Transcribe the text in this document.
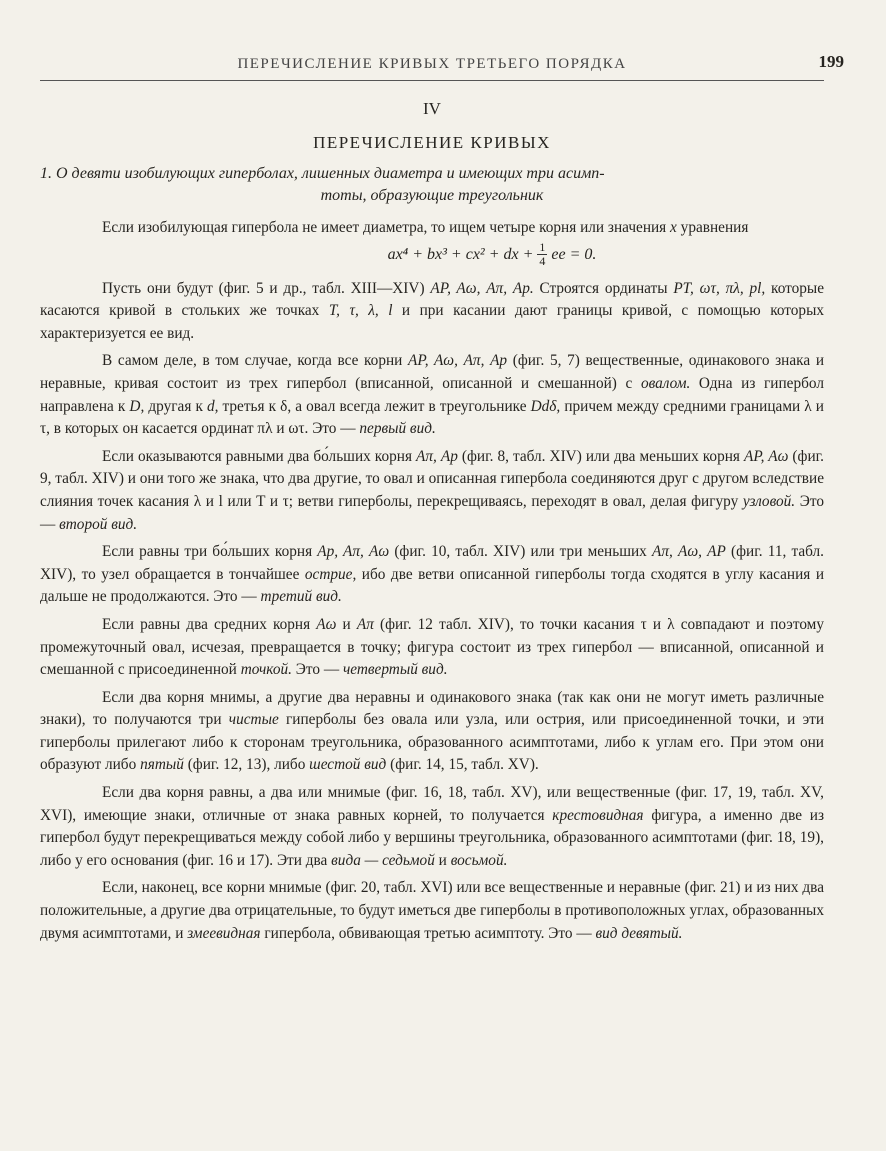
ПЕРЕЧИСЛЕНИЕ КРИВЫХ ТРЕТЬЕГО ПОРЯДКА	199
IV
ПЕРЕЧИСЛЕНИЕ КРИВЫХ
1. О девяти изобилующих гиперболах, лишенных диаметра и имеющих три асимп-
тоты, образующие треугольник

Если изобилующая гипербола не имеет диаметра, то ищем четыре корня или значения x уравнения

ax⁴ + bx³ + cx² + dx + $\frac{1}{4}$ ee = 0.

Пусть они будут (фиг. 5 и др., табл. XIII—XIV) AP, Aω, Aπ, Ap. Строятся ординаты PT, ωτ, πλ, pl, которые касаются кривой в стольких же точках T, τ, λ, l и при касании дают границы кривой, с помощью которых характеризуется ее вид.

В самом деле, в том случае, когда все корни AP, Aω, Aπ, Ap (фиг. 5, 7) вещественные, одинакового знака и неравные, кривая состоит из трех гипербол (вписанной, описанной и смешанной) с овалом. Одна из гипербол направлена к D, другая к d, третья к δ, а овал всегда лежит в треугольнике Ddδ, причем между средними границами λ и τ, в которых он касается ординат πλ и ωτ. Это — первый вид.

Если оказываются равными два бо́льших корня Aπ, Ap (фиг. 8, табл. XIV) или два меньших корня AP, Aω (фиг. 9, табл. XIV) и они того же знака, что два другие, то овал и описанная гипербола соединяются друг с другом вследствие слияния точек касания λ и l или T и τ; ветви гиперболы, перекрещиваясь, переходят в овал, делая фигуру узловой. Это — второй вид.

Если равны три бо́льших корня Ap, Aπ, Aω (фиг. 10, табл. XIV) или три меньших Aπ, Aω, AP (фиг. 11, табл. XIV), то узел обращается в тончайшее острие, ибо две ветви описанной гиперболы тогда сходятся в углу касания и дальше не продолжаются. Это — третий вид.

Если равны два средних корня Aω и Aπ (фиг. 12 табл. XIV), то точки касания τ и λ совпадают и поэтому промежуточный овал, исчезая, превращается в точку; фигура состоит из трех гипербол — вписанной, описанной и смешанной с присоединенной точкой. Это — четвертый вид.

Если два корня мнимы, а другие два неравны и одинакового знака (так как они не могут иметь различные знаки), то получаются три чистые гиперболы без овала или узла, или острия, или присоединенной точки, и эти гиперболы прилегают либо к сторонам треугольника, образованного асимптотами, либо к углам его. При этом они образуют либо пятый (фиг. 12, 13), либо шестой вид (фиг. 14, 15, табл. XV).

Если два корня равны, а два или мнимые (фиг. 16, 18, табл. XV), или вещественные (фиг. 17, 19, табл. XV, XVI), имеющие знаки, отличные от знака равных корней, то получается крестовидная фигура, а именно две из гипербол будут перекрещиваться между собой либо у вершины треугольника, образованного асимптотами (фиг. 18, 19), либо у его основания (фиг. 16 и 17). Эти два вида — седьмой и восьмой.

Если, наконец, все корни мнимые (фиг. 20, табл. XVI) или все вещественные и неравные (фиг. 21) и из них два положительные, а другие два отрицательные, то будут иметься две гиперболы в противоположных углах, образованных двумя асимптотами, и змеевидная гипербола, обвивающая третью асимптоту. Это — вид девятый.
